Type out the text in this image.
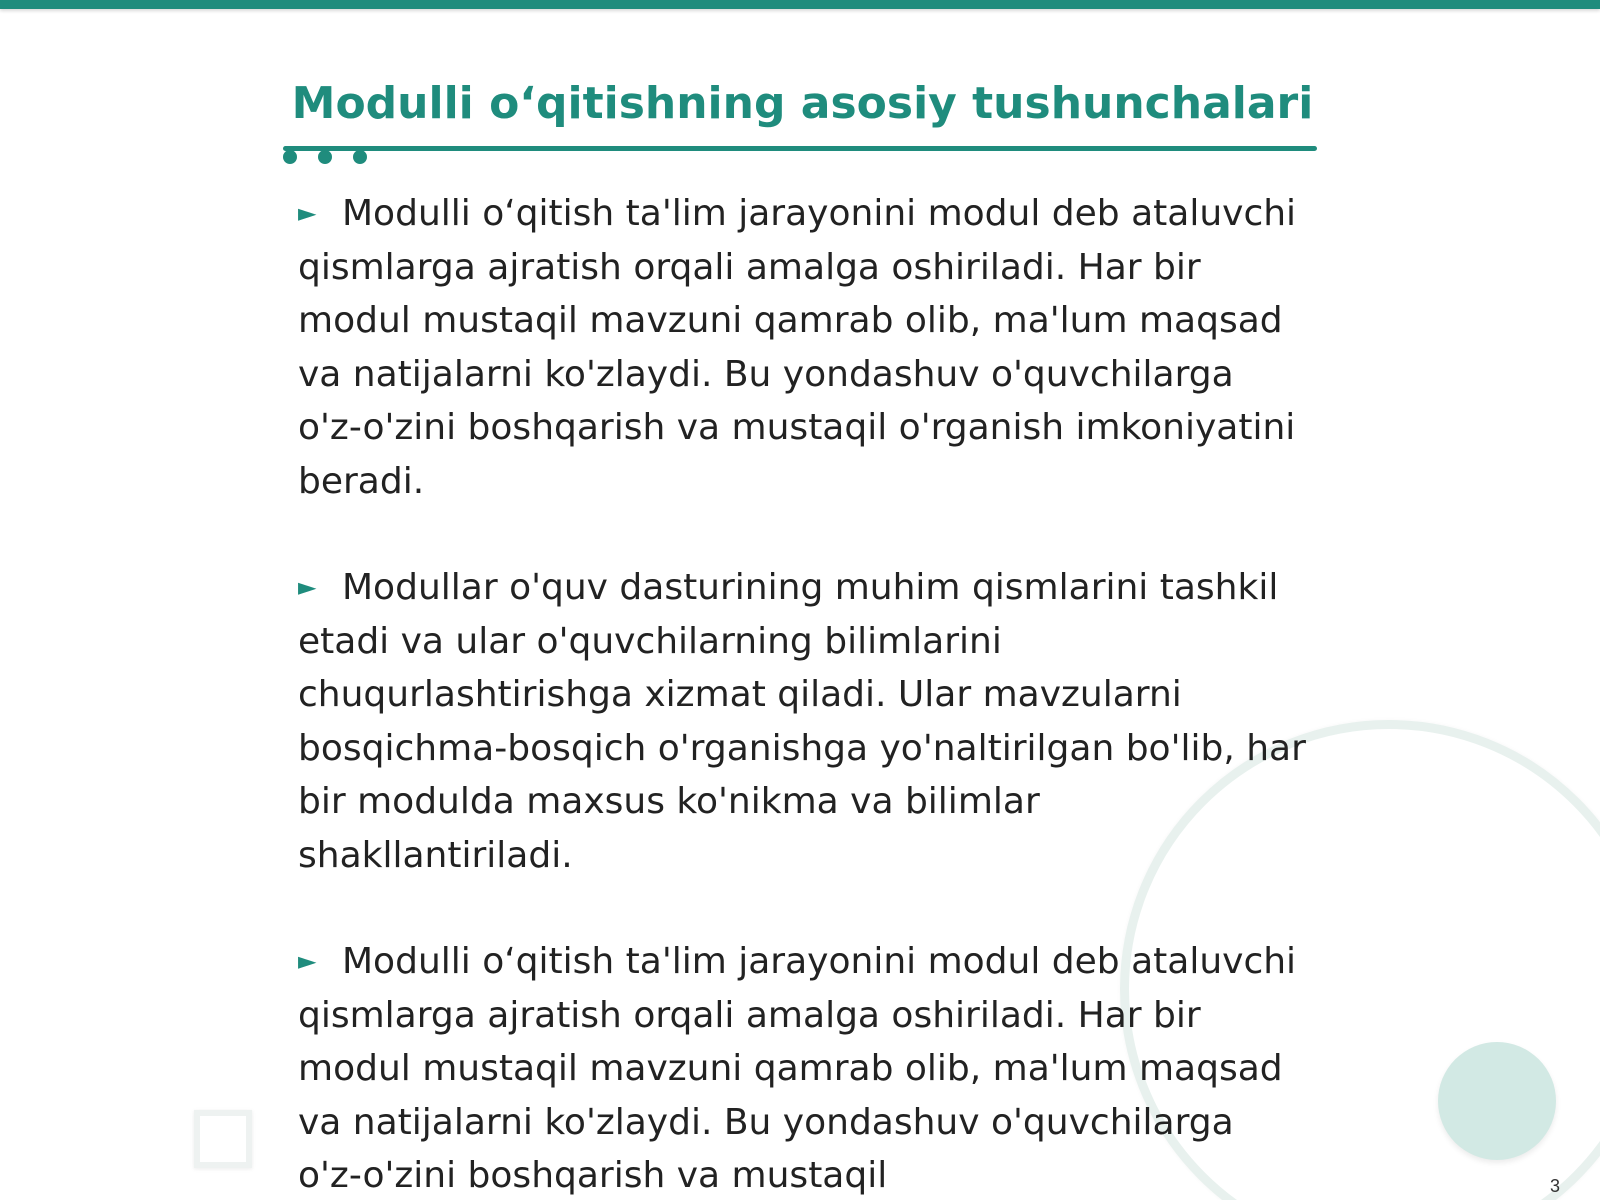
Modulli o‘qitishning asosiy tushunchalari

► Modulli o‘qitish ta'lim jarayonini modul deb ataluvchi qismlarga ajratish orqali amalga oshiriladi. Har bir modul mustaqil mavzuni qamrab olib, ma'lum maqsad va natijalarni ko'zlaydi. Bu yondashuv o'quvchilarga o'z-o'zini boshqarish va mustaqil o'rganish imkoniyatini beradi.

► Modullar o'quv dasturining muhim qismlarini tashkil etadi va ular o'quvchilarning bilimlarini chuqurlashtirishga xizmat qiladi. Ular mavzularni bosqichma-bosqich o'rganishga yo'naltirilgan bo'lib, har bir modulda maxsus ko'nikma va bilimlar shakllantiriladi.

► Modulli o‘qitish ta'lim jarayonini modul deb ataluvchi qismlarga ajratish orqali amalga oshiriladi. Har bir modul mustaqil mavzuni qamrab olib, ma'lum maqsad va natijalarni ko'zlaydi. Bu yondashuv o'quvchilarga o'z-o'zini boshqarish va mustaqil	3
